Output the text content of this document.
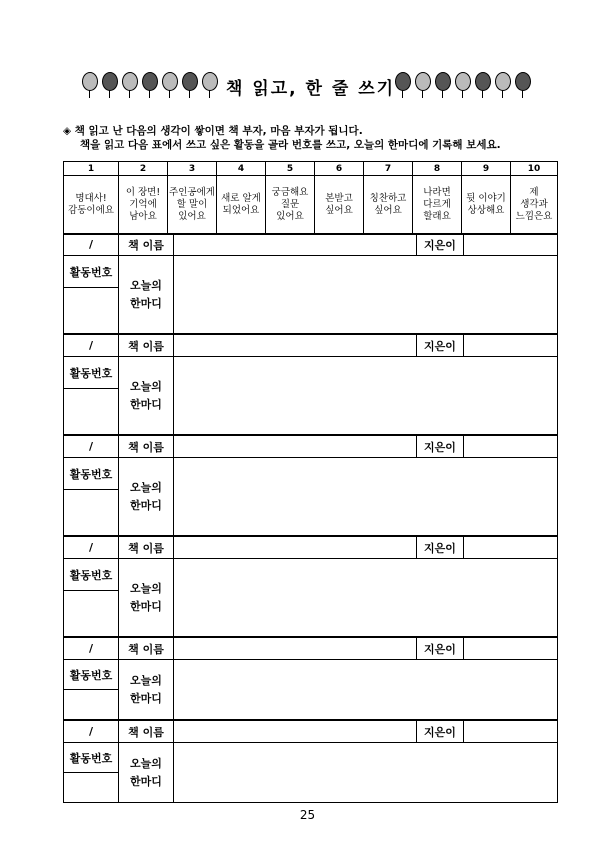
책 읽고, 한 줄 쓰기
◈ 책 읽고 난 다음의 생각이 쌓이면 책 부자, 마음 부자가 됩니다.
책을 읽고 다음 표에서 쓰고 싶은 활동을 골라 번호를 쓰고, 오늘의 한마디에 기록해 보세요.
1	2	3	4	5	6	7	8	9	10
명대사!
감동이에요	이 장면!
기억에
남아요	주인공에게
할 말이
있어요	새로 알게
되었어요	궁금해요
질문
있어요	본받고
싶어요	칭찬하고
싶어요	나라면
다르게
할래요	뒷 이야기
상상해요	제
생각과
느낌은요
/	책 이름		지은이	
활동번호	오늘의
한마디			

/	책 이름		지은이	
활동번호	오늘의
한마디			

/	책 이름		지은이	
활동번호	오늘의
한마디			

/	책 이름		지은이	
활동번호	오늘의
한마디			

/	책 이름		지은이	
활동번호	오늘의
한마디			

/	책 이름		지은이	
활동번호	오늘의
한마디			

25
